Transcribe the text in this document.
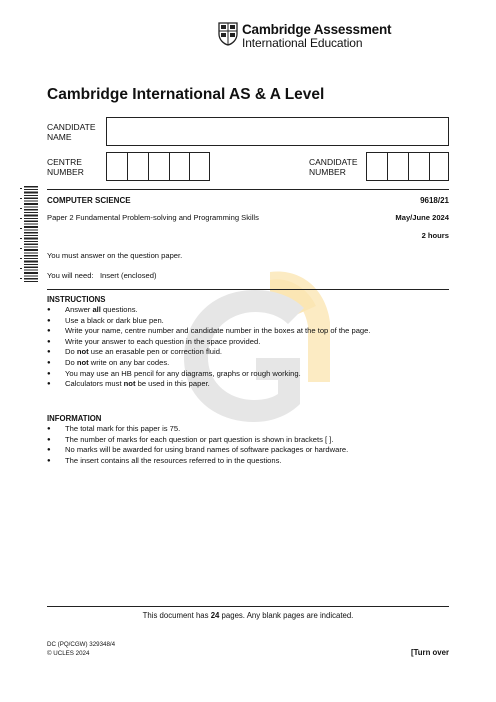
Cambridge Assessment
International Education
Cambridge International AS & A Level
CANDIDATE
NAME
CENTRE
NUMBER
CANDIDATE
NUMBER
COMPUTER SCIENCE	9618/21
Paper 2 Fundamental Problem-solving and Programming Skills	May/June 2024
2 hours
You must answer on the question paper.
You will need: Insert (enclosed)
INSTRUCTIONS
● Answer all questions.
● Use a black or dark blue pen.
● Write your name, centre number and candidate number in the boxes at the top of the page.
● Write your answer to each question in the space provided.
● Do not use an erasable pen or correction fluid.
● Do not write on any bar codes.
● You may use an HB pencil for any diagrams, graphs or rough working.
● Calculators must not be used in this paper.
INFORMATION
● The total mark for this paper is 75.
● The number of marks for each question or part question is shown in brackets [ ].
● No marks will be awarded for using brand names of software packages or hardware.
● The insert contains all the resources referred to in the questions.
This document has 24 pages. Any blank pages are indicated.
DC (PQ/CGW) 329348/4
© UCLES 2024	[Turn over
